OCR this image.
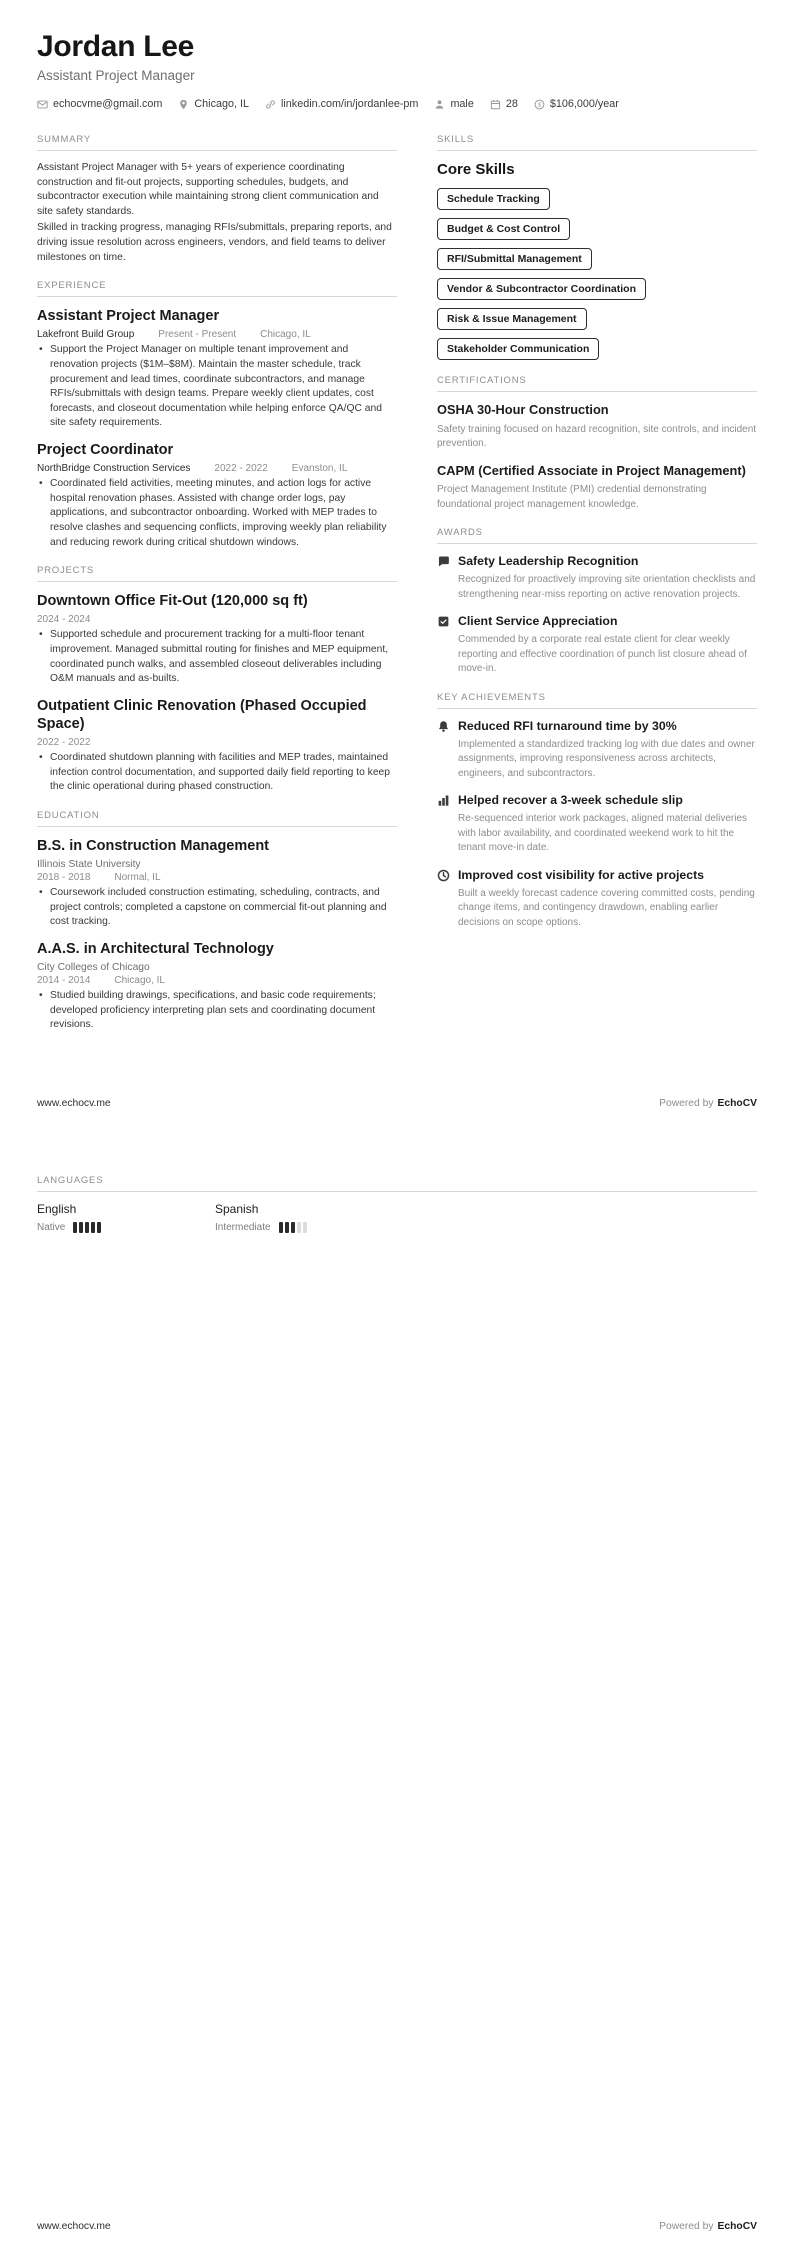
Jordan Lee
Assistant Project Manager
echocvme@gmail.com	Chicago, IL	linkedin.com/in/jordanlee-pm	male	28 $ $106,000/year
SUMMARY

Assistant Project Manager with 5+ years of experience coordinating construction and fit-out projects, supporting schedules, budgets, and subcontractor execution while maintaining strong client communication and site safety standards.

Skilled in tracking progress, managing RFIs/submittals, preparing reports, and driving issue resolution across engineers, vendors, and field teams to deliver milestones on time.

EXPERIENCE
Assistant Project Manager
Lakefront Build Group Present - Present Chicago, IL
• Support the Project Manager on multiple tenant improvement and renovation projects ($1M–$8M). Maintain the master schedule, track procurement and lead times, coordinate subcontractors, and manage RFIs/submittals with design teams. Prepare weekly client updates, cost forecasts, and closeout documentation while helping enforce QA/QC and site safety requirements.
Project Coordinator
NorthBridge Construction Services 2022 - 2022 Evanston, IL
• Coordinated field activities, meeting minutes, and action logs for active hospital renovation phases. Assisted with change order logs, pay applications, and subcontractor onboarding. Worked with MEP trades to resolve clashes and sequencing conflicts, improving weekly plan reliability and reducing rework during critical shutdown windows.
PROJECTS
Downtown Office Fit-Out (120,000 sq ft)
2024 - 2024
• Supported schedule and procurement tracking for a multi-floor tenant improvement. Managed submittal routing for finishes and MEP equipment, coordinated punch walks, and assembled closeout deliverables including O&M manuals and as-builts.
Outpatient Clinic Renovation (Phased Occupied Space)
2022 - 2022
• Coordinated shutdown planning with facilities and MEP trades, maintained infection control documentation, and supported daily field reporting to keep the clinic operational during phased construction.
EDUCATION
B.S. in Construction Management
Illinois State University
2018 - 2018 Normal, IL
• Coursework included construction estimating, scheduling, contracts, and project controls; completed a capstone on commercial fit-out planning and cost tracking.
A.A.S. in Architectural Technology
City Colleges of Chicago
2014 - 2014 Chicago, IL
• Studied building drawings, specifications, and basic code requirements; developed proficiency interpreting plan sets and coordinating document revisions.
SKILLS
Core Skills
Schedule Tracking
Budget & Cost Control
RFI/Submittal Management
Vendor & Subcontractor Coordination
Risk & Issue Management
Stakeholder Communication
CERTIFICATIONS
OSHA 30-Hour Construction
Safety training focused on hazard recognition, site controls, and incident prevention.
CAPM (Certified Associate in Project Management)
Project Management Institute (PMI) credential demonstrating foundational project management knowledge.
AWARDS
Safety Leadership Recognition
Recognized for proactively improving site orientation checklists and strengthening near-miss reporting on active renovation projects.
Client Service Appreciation
Commended by a corporate real estate client for clear weekly reporting and effective coordination of punch list closure ahead of move-in.
KEY ACHIEVEMENTS
Reduced RFI turnaround time by 30%
Implemented a standardized tracking log with due dates and owner assignments, improving responsiveness across architects, engineers, and subcontractors.
Helped recover a 3-week schedule slip
Re-sequenced interior work packages, aligned material deliveries with labor availability, and coordinated weekend work to hit the tenant move-in date.
Improved cost visibility for active projects
Built a weekly forecast cadence covering committed costs, pending change items, and contingency drawdown, enabling earlier decisions on scope options.
www.echocv.me	Powered by EchoCV
LANGUAGES
English
Native
Spanish
Intermediate
www.echocv.me	Powered by EchoCV
